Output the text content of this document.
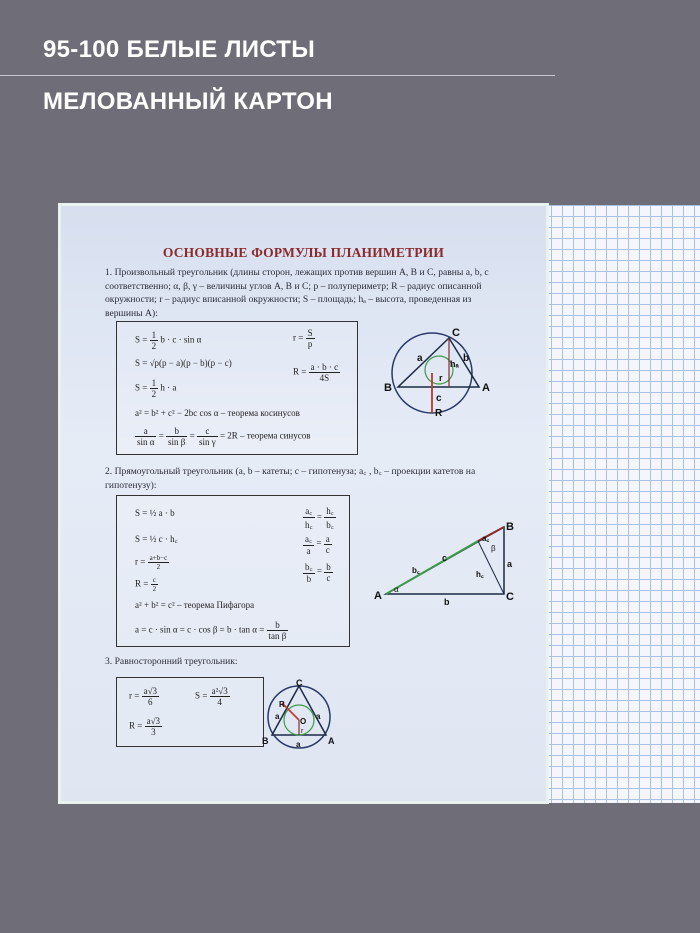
95-100 БЕЛЫЕ ЛИСТЫ
МЕЛОВАННЫЙ КАРТОН
ОСНОВНЫЕ ФОРМУЛЫ ПЛАНИМЕТРИИ
1. Произвольный треугольник (длины сторон, лежащих против вершин A, B и C, равны a, b, c соответственно; α, β, γ – величины углов A, B и C; p – полупериметр; R – радиус описанной окружности; r – радиус вписанной окружности; S – площадь; hₐ – высота, проведенная из вершины A):
$S = \frac{1}{2}$ b · c · sin α
S = √p(p − a)(p − b)(p − c)
$S = \frac{1}{2}$ h · a
a² = b² + c² − 2bc cos α – теорема косинусов
$\frac{a}{\text{sin α}} = \frac{b}{\text{sin β}} = \frac{c}{\text{sin γ}} = 2R$ – теорема синусов
$r = \frac{S}{p}$
$R = \frac{a \cdot b \cdot c}{4S}$
C
a	b
hₐ
r
B	A
c
R
2. Прямоугольный треугольник (a, b – катеты; c – гипотенуза; a꜀ , b꜀ – проекции катетов на гипотенузу):
S = ½ a · b
S = ½ c · h꜀
$r = \frac{a+b-c}{2}$
$R = \frac{c}{2}$
a² + b² = c² – теорема Пифагора
$a = c \cdot \sin \alpha = c \cdot \cos \beta = b \cdot \tan \alpha = \frac{b}{\text{tan β}}$
$\frac{a꜀}{h꜀} = \frac{h꜀}{b꜀}$
$\frac{a꜀}{a} = \frac{a}{c}$
$\frac{b꜀}{b} = \frac{b}{c}$
B
a꜀
β
c
b꜀	h꜀
a
A
α
b	C
3. Равносторонний треугольник:
$r = \frac{a√3}{6}$
$R = \frac{a√3}{3}$
$S = \frac{\text{a²√3}}{4}$
C
R
a	a
O
r
B	a	A
